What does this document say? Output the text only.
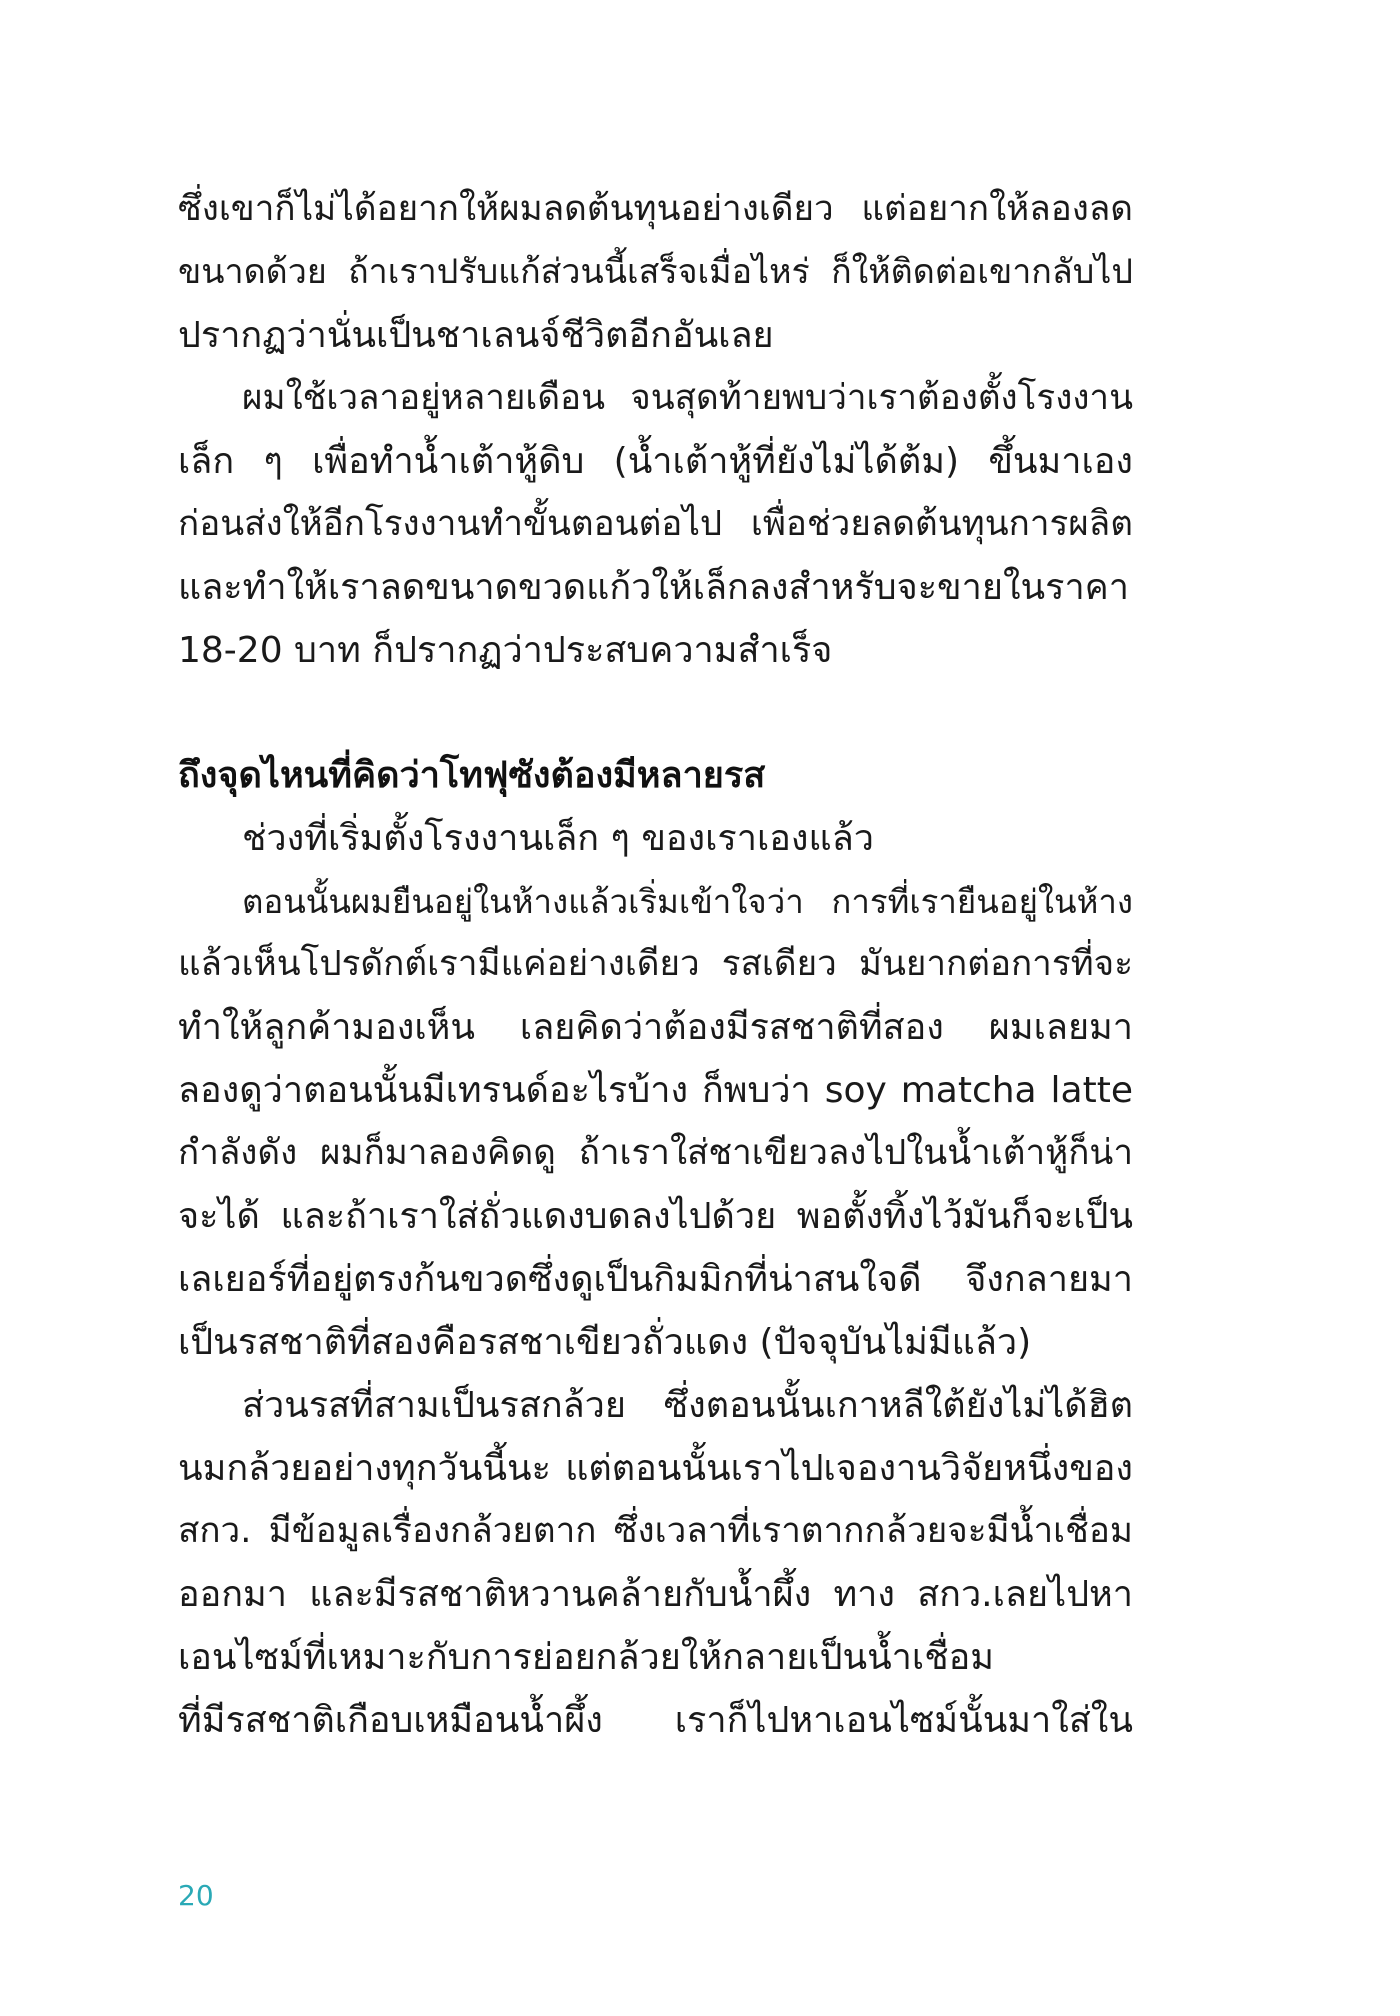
ซึ่งเขาก็ไม่ได้อยากให้ผมลดต้นทุนอย่างเดียว แต่อยากให้ลองลด
ขนาดด้วย ถ้าเราปรับแก้ส่วนนี้เสร็จเมื่อไหร่ ก็ให้ติดต่อเขากลับไป
ปรากฏว่านั่นเป็นชาเลนจ์ชีวิตอีกอันเลย
ผมใช้เวลาอยู่หลายเดือน จนสุดท้ายพบว่าเราต้องตั้งโรงงาน
เล็ก ๆ เพื่อทำน้ำเต้าหู้ดิบ (น้ำเต้าหู้ที่ยังไม่ได้ต้ม) ขึ้นมาเอง
ก่อนส่งให้อีกโรงงานทำขั้นตอนต่อไป เพื่อช่วยลดต้นทุนการผลิต
และทำให้เราลดขนาดขวดแก้วให้เล็กลงสำหรับจะขายในราคา
18-20 บาท ก็ปรากฏว่าประสบความสำเร็จ
ถึงจุดไหนที่คิดว่าโทฟุซังต้องมีหลายรส
ช่วงที่เริ่มตั้งโรงงานเล็ก ๆ ของเราเองแล้ว
ตอนนั้นผมยืนอยู่ในห้างแล้วเริ่มเข้าใจว่า การที่เรายืนอยู่ในห้าง
แล้วเห็นโปรดักต์เรามีแค่อย่างเดียว รสเดียว มันยากต่อการที่จะ
ทำให้ลูกค้ามองเห็น เลยคิดว่าต้องมีรสชาติที่สอง ผมเลยมา
ลองดูว่าตอนนั้นมีเทรนด์อะไรบ้าง ก็พบว่า soy matcha latte
กำลังดัง ผมก็มาลองคิดดู ถ้าเราใส่ชาเขียวลงไปในน้ำเต้าหู้ก็น่า
จะได้ และถ้าเราใส่ถั่วแดงบดลงไปด้วย พอตั้งทิ้งไว้มันก็จะเป็น
เลเยอร์ที่อยู่ตรงก้นขวดซึ่งดูเป็นกิมมิกที่น่าสนใจดี จึงกลายมา
เป็นรสชาติที่สองคือรสชาเขียวถั่วแดง (ปัจจุบันไม่มีแล้ว)
ส่วนรสที่สามเป็นรสกล้วย ซึ่งตอนนั้นเกาหลีใต้ยังไม่ได้ฮิต
นมกล้วยอย่างทุกวันนี้นะ แต่ตอนนั้นเราไปเจองานวิจัยหนึ่งของ
สกว. มีข้อมูลเรื่องกล้วยตาก ซึ่งเวลาที่เราตากกล้วยจะมีน้ำเชื่อม
ออกมา และมีรสชาติหวานคล้ายกับน้ำผึ้ง ทาง สกว.เลยไปหา
เอนไซม์ที่เหมาะกับการย่อยกล้วยให้กลายเป็นน้ำเชื่อม
ที่มีรสชาติเกือบเหมือนน้ำผึ้ง เราก็ไปหาเอนไซม์นั้นมาใส่ใน
20
